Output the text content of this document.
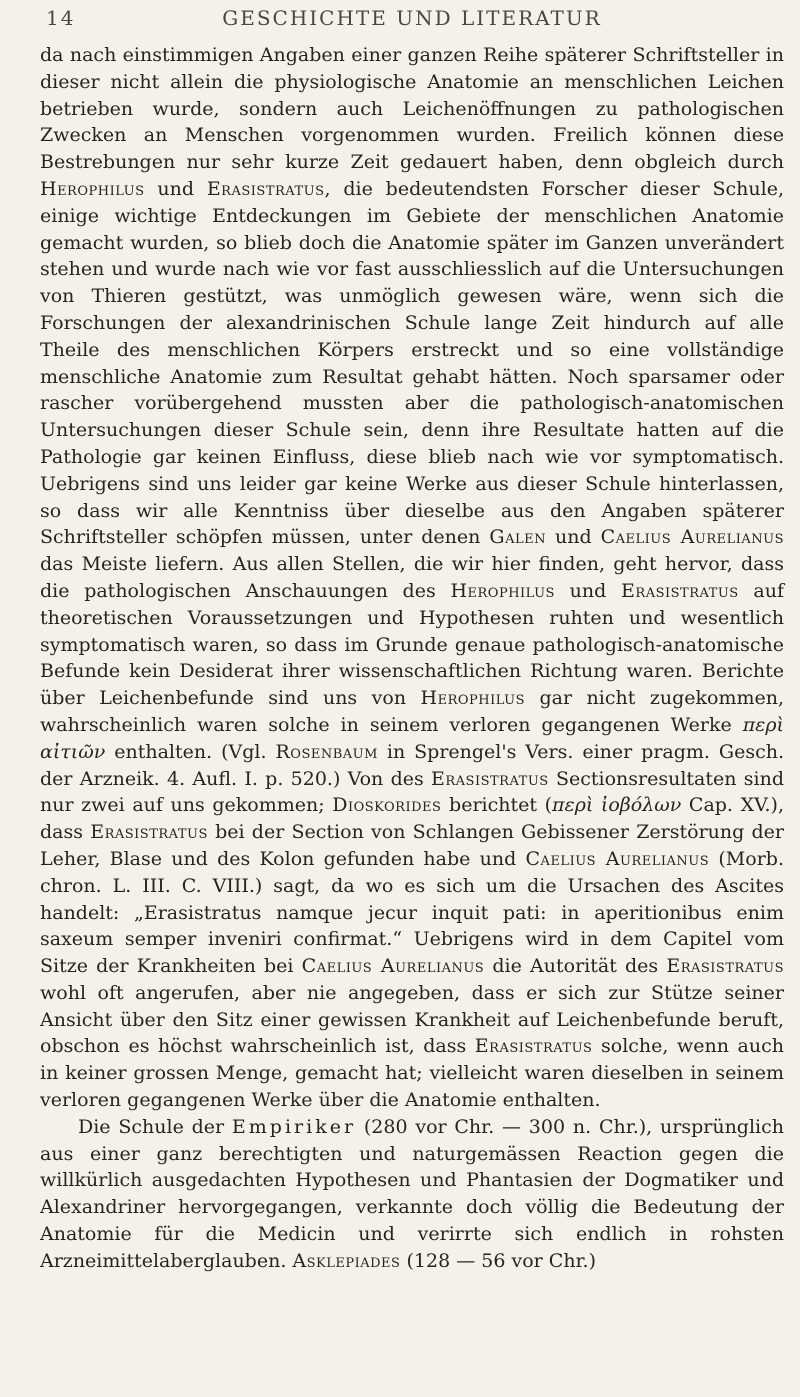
14	GESCHICHTE UND LITERATUR

da nach einstimmigen Angaben einer ganzen Reihe späterer Schriftsteller in dieser nicht allein die physiologische Anatomie an menschlichen Leichen betrieben wurde, sondern auch Leichenöffnungen zu pathologischen Zwecken an Menschen vorgenommen wurden. Freilich können diese Bestrebungen nur sehr kurze Zeit gedauert haben, denn obgleich durch Herophilus und Erasistratus, die bedeutendsten Forscher dieser Schule, einige wichtige Entdeckungen im Gebiete der menschlichen Anatomie gemacht wurden, so blieb doch die Anatomie später im Ganzen unverändert stehen und wurde nach wie vor fast ausschliesslich auf die Untersuchungen von Thieren gestützt, was unmöglich gewesen wäre, wenn sich die Forschungen der alexandrinischen Schule lange Zeit hindurch auf alle Theile des menschlichen Körpers erstreckt und so eine vollständige menschliche Anatomie zum Resultat gehabt hätten. Noch sparsamer oder rascher vorübergehend mussten aber die pathologisch-anatomischen Untersuchungen dieser Schule sein, denn ihre Resultate hatten auf die Pathologie gar keinen Einfluss, diese blieb nach wie vor symptomatisch. Uebrigens sind uns leider gar keine Werke aus dieser Schule hinterlassen, so dass wir alle Kenntniss über dieselbe aus den Angaben späterer Schriftsteller schöpfen müssen, unter denen Galen und Caelius Aurelianus das Meiste liefern. Aus allen Stellen, die wir hier finden, geht hervor, dass die pathologischen Anschauungen des Herophilus und Erasistratus auf theoretischen Voraussetzungen und Hypothesen ruhten und wesentlich symptomatisch waren, so dass im Grunde genaue pathologisch-anatomische Befunde kein Desiderat ihrer wissenschaftlichen Richtung waren. Berichte über Leichenbefunde sind uns von Herophilus gar nicht zugekommen, wahrscheinlich waren solche in seinem verloren gegangenen Werke περὶ αἰτιῶν enthalten. (Vgl. Rosenbaum in Sprengel's Vers. einer pragm. Gesch. der Arzneik. 4. Aufl. I. p. 520.) Von des Erasistratus Sectionsresultaten sind nur zwei auf uns gekommen; Dioskorides berichtet (περὶ ἰοβόλων Cap. XV.), dass Erasistratus bei der Section von Schlangen Gebissener Zerstörung der Leher, Blase und des Kolon gefunden habe und Caelius Aurelianus (Morb. chron. L. III. C. VIII.) sagt, da wo es sich um die Ursachen des Ascites handelt: „Erasistratus namque jecur inquit pati: in aperitionibus enim saxeum semper inveniri confirmat.“ Uebrigens wird in dem Capitel vom Sitze der Krankheiten bei Caelius Aurelianus die Autorität des Erasistratus wohl oft angerufen, aber nie angegeben, dass er sich zur Stütze seiner Ansicht über den Sitz einer gewissen Krankheit auf Leichenbefunde beruft, obschon es höchst wahrscheinlich ist, dass Erasistratus solche, wenn auch in keiner grossen Menge, gemacht hat; vielleicht waren dieselben in seinem verloren gegangenen Werke über die Anatomie enthalten.

Die Schule der Empiriker (280 vor Chr. — 300 n. Chr.), ursprünglich aus einer ganz berechtigten und naturgemässen Reaction gegen die willkürlich ausgedachten Hypothesen und Phantasien der Dogmatiker und Alexandriner hervorgegangen, verkannte doch völlig die Bedeutung der Anatomie für die Medicin und verirrte sich endlich in rohsten Arzneimittelaberglauben. Asklepiades (128 — 56 vor Chr.)
